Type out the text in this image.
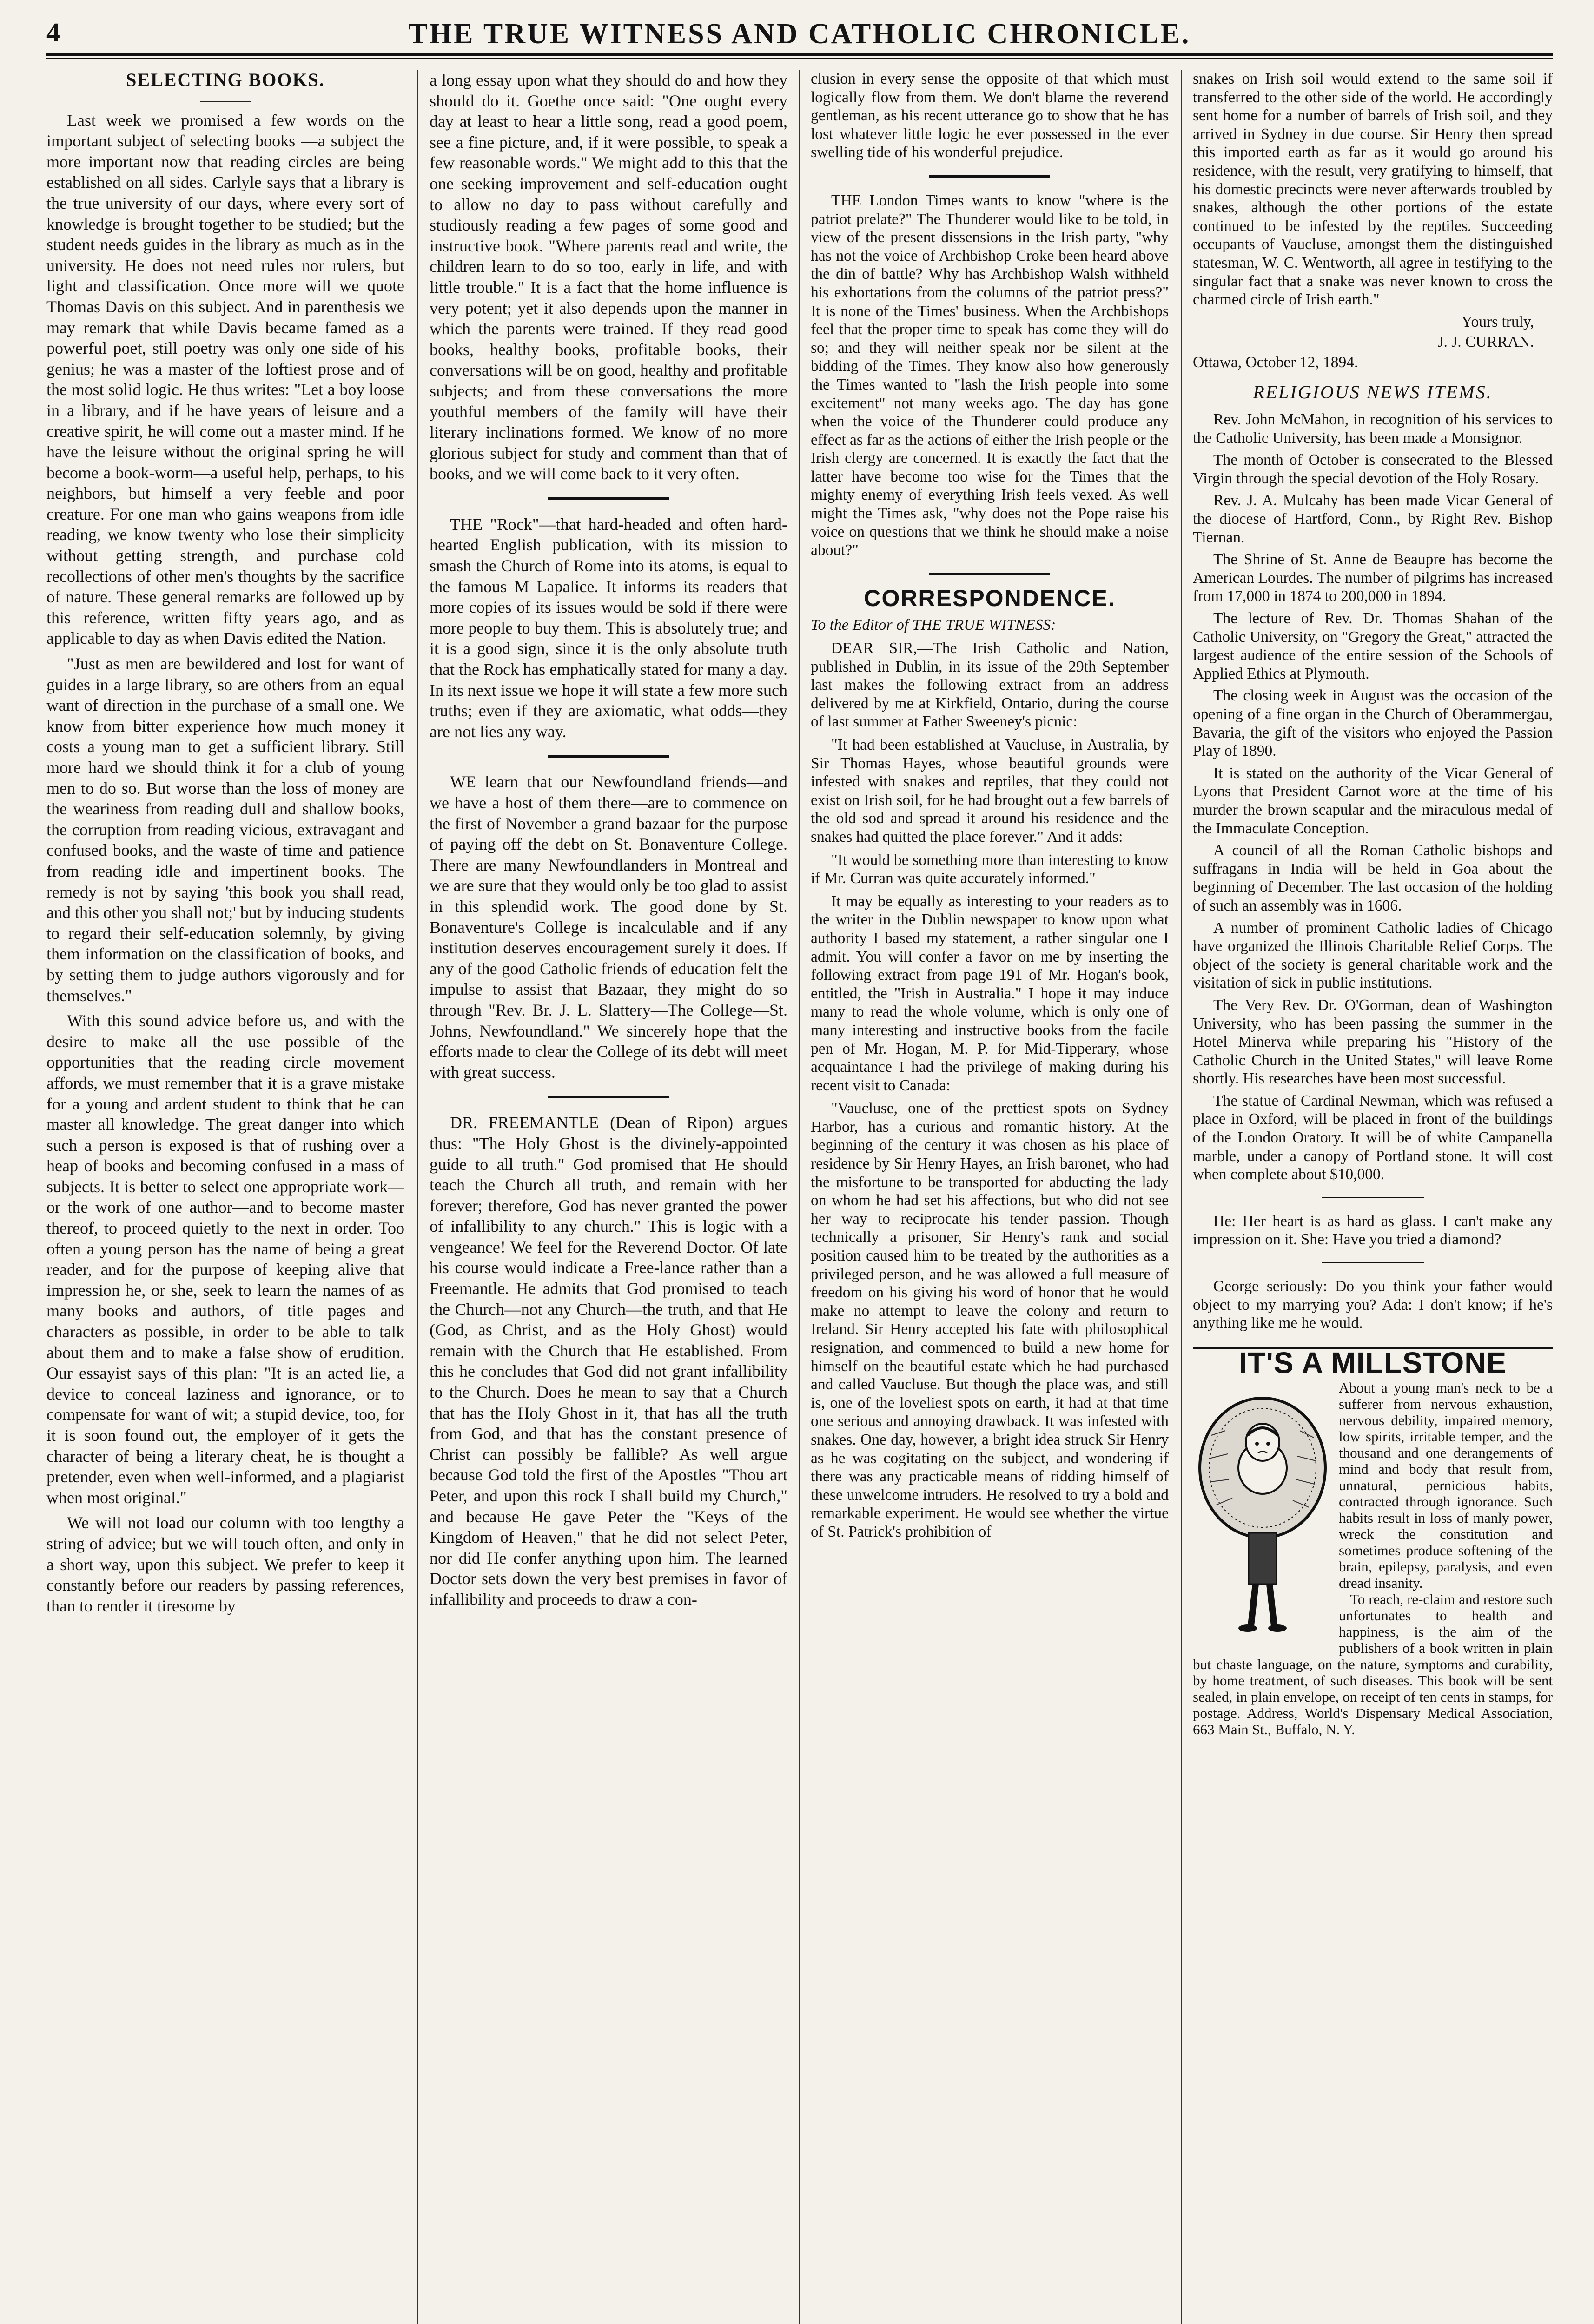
4	THE TRUE WITNESS AND CATHOLIC CHRONICLE.
SELECTING BOOKS.

Last week we promised a few words on the important subject of selecting books —a subject the more important now that reading circles are being established on all sides. Carlyle says that a library is the true university of our days, where every sort of knowledge is brought together to be studied; but the student needs guides in the library as much as in the university. He does not need rules nor rulers, but light and classification. Once more will we quote Thomas Davis on this subject. And in parenthesis we may remark that while Davis became famed as a powerful poet, still poetry was only one side of his genius; he was a master of the loftiest prose and of the most solid logic. He thus writes: "Let a boy loose in a library, and if he have years of leisure and a creative spirit, he will come out a master mind. If he have the leisure without the original spring he will become a book-worm—a useful help, perhaps, to his neighbors, but himself a very feeble and poor creature. For one man who gains weapons from idle reading, we know twenty who lose their simplicity without getting strength, and purchase cold recollections of other men's thoughts by the sacrifice of nature. These general remarks are followed up by this reference, written fifty years ago, and as applicable to day as when Davis edited the Nation.

"Just as men are bewildered and lost for want of guides in a large library, so are others from an equal want of direction in the purchase of a small one. We know from bitter experience how much money it costs a young man to get a sufficient library. Still more hard we should think it for a club of young men to do so. But worse than the loss of money are the weariness from reading dull and shallow books, the corruption from reading vicious, extravagant and confused books, and the waste of time and patience from reading idle and impertinent books. The remedy is not by saying 'this book you shall read, and this other you shall not;' but by inducing students to regard their self-education solemnly, by giving them information on the classification of books, and by setting them to judge authors vigorously and for themselves."

With this sound advice before us, and with the desire to make all the use possible of the opportunities that the reading circle movement affords, we must remember that it is a grave mistake for a young and ardent student to think that he can master all knowledge. The great danger into which such a person is exposed is that of rushing over a heap of books and becoming confused in a mass of subjects. It is better to select one appropriate work—or the work of one author—and to become master thereof, to proceed quietly to the next in order. Too often a young person has the name of being a great reader, and for the purpose of keeping alive that impression he, or she, seek to learn the names of as many books and authors, of title pages and characters as possible, in order to be able to talk about them and to make a false show of erudition. Our essayist says of this plan: "It is an acted lie, a device to conceal laziness and ignorance, or to compensate for want of wit; a stupid device, too, for it is soon found out, the employer of it gets the character of being a literary cheat, he is thought a pretender, even when well-informed, and a plagiarist when most original."

We will not load our column with too lengthy a string of advice; but we will touch often, and only in a short way, upon this subject. We prefer to keep it constantly before our readers by passing references, than to render it tiresome by

a long essay upon what they should do and how they should do it. Goethe once said: "One ought every day at least to hear a little song, read a good poem, see a fine picture, and, if it were possible, to speak a few reasonable words." We might add to this that the one seeking improvement and self-education ought to allow no day to pass without carefully and studiously reading a few pages of some good and instructive book. "Where parents read and write, the children learn to do so too, early in life, and with little trouble." It is a fact that the home influence is very potent; yet it also depends upon the manner in which the parents were trained. If they read good books, healthy books, profitable books, their conversations will be on good, healthy and profitable subjects; and from these conversations the more youthful members of the family will have their literary inclinations formed. We know of no more glorious subject for study and comment than that of books, and we will come back to it very often.

THE "Rock"—that hard-headed and often hard-hearted English publication, with its mission to smash the Church of Rome into its atoms, is equal to the famous M Lapalice. It informs its readers that more copies of its issues would be sold if there were more people to buy them. This is absolutely true; and it is a good sign, since it is the only absolute truth that the Rock has emphatically stated for many a day. In its next issue we hope it will state a few more such truths; even if they are axiomatic, what odds—they are not lies any way.

WE learn that our Newfoundland friends—and we have a host of them there—are to commence on the first of November a grand bazaar for the purpose of paying off the debt on St. Bonaventure College. There are many Newfoundlanders in Montreal and we are sure that they would only be too glad to assist in this splendid work. The good done by St. Bonaventure's College is incalculable and if any institution deserves encouragement surely it does. If any of the good Catholic friends of education felt the impulse to assist that Bazaar, they might do so through "Rev. Br. J. L. Slattery—The College—St. Johns, Newfoundland." We sincerely hope that the efforts made to clear the College of its debt will meet with great success.

DR. FREEMANTLE (Dean of Ripon) argues thus: "The Holy Ghost is the divinely-appointed guide to all truth." God promised that He should teach the Church all truth, and remain with her forever; therefore, God has never granted the power of infallibility to any church." This is logic with a vengeance! We feel for the Reverend Doctor. Of late his course would indicate a Free-lance rather than a Freemantle. He admits that God promised to teach the Church—not any Church—the truth, and that He (God, as Christ, and as the Holy Ghost) would remain with the Church that He established. From this he concludes that God did not grant infallibility to the Church. Does he mean to say that a Church that has the Holy Ghost in it, that has all the truth from God, and that has the constant presence of Christ can possibly be fallible? As well argue because God told the first of the Apostles "Thou art Peter, and upon this rock I shall build my Church," and because He gave Peter the "Keys of the Kingdom of Heaven," that he did not select Peter, nor did He confer anything upon him. The learned Doctor sets down the very best premises in favor of infallibility and proceeds to draw a con-

clusion in every sense the opposite of that which must logically flow from them. We don't blame the reverend gentleman, as his recent utterance go to show that he has lost whatever little logic he ever possessed in the ever swelling tide of his wonderful prejudice.

THE London Times wants to know "where is the patriot prelate?" The Thunderer would like to be told, in view of the present dissensions in the Irish party, "why has not the voice of Archbishop Croke been heard above the din of battle? Why has Archbishop Walsh withheld his exhortations from the columns of the patriot press?" It is none of the Times' business. When the Archbishops feel that the proper time to speak has come they will do so; and they will neither speak nor be silent at the bidding of the Times. They know also how generously the Times wanted to "lash the Irish people into some excitement" not many weeks ago. The day has gone when the voice of the Thunderer could produce any effect as far as the actions of either the Irish people or the Irish clergy are concerned. It is exactly the fact that the latter have become too wise for the Times that the mighty enemy of everything Irish feels vexed. As well might the Times ask, "why does not the Pope raise his voice on questions that we think he should make a noise about?"

CORRESPONDENCE.

To the Editor of THE TRUE WITNESS:

DEAR SIR,—The Irish Catholic and Nation, published in Dublin, in its issue of the 29th September last makes the following extract from an address delivered by me at Kirkfield, Ontario, during the course of last summer at Father Sweeney's picnic:

"It had been established at Vaucluse, in Australia, by Sir Thomas Hayes, whose beautiful grounds were infested with snakes and reptiles, that they could not exist on Irish soil, for he had brought out a few barrels of the old sod and spread it around his residence and the snakes had quitted the place forever." And it adds:

"It would be something more than interesting to know if Mr. Curran was quite accurately informed."

It may be equally as interesting to your readers as to the writer in the Dublin newspaper to know upon what authority I based my statement, a rather singular one I admit. You will confer a favor on me by inserting the following extract from page 191 of Mr. Hogan's book, entitled, the "Irish in Australia." I hope it may induce many to read the whole volume, which is only one of many interesting and instructive books from the facile pen of Mr. Hogan, M. P. for Mid-Tipperary, whose acquaintance I had the privilege of making during his recent visit to Canada:

"Vaucluse, one of the prettiest spots on Sydney Harbor, has a curious and romantic history. At the beginning of the century it was chosen as his place of residence by Sir Henry Hayes, an Irish baronet, who had the misfortune to be transported for abducting the lady on whom he had set his affections, but who did not see her way to reciprocate his tender passion. Though technically a prisoner, Sir Henry's rank and social position caused him to be treated by the authorities as a privileged person, and he was allowed a full measure of freedom on his giving his word of honor that he would make no attempt to leave the colony and return to Ireland. Sir Henry accepted his fate with philosophical resignation, and commenced to build a new home for himself on the beautiful estate which he had purchased and called Vaucluse. But though the place was, and still is, one of the loveliest spots on earth, it had at that time one serious and annoying drawback. It was infested with snakes. One day, however, a bright idea struck Sir Henry as he was cogitating on the subject, and wondering if there was any practicable means of ridding himself of these unwelcome intruders. He resolved to try a bold and remarkable experiment. He would see whether the virtue of St. Patrick's prohibition of

snakes on Irish soil would extend to the same soil if transferred to the other side of the world. He accordingly sent home for a number of barrels of Irish soil, and they arrived in Sydney in due course. Sir Henry then spread this imported earth as far as it would go around his residence, with the result, very gratifying to himself, that his domestic precincts were never afterwards troubled by snakes, although the other portions of the estate continued to be infested by the reptiles. Succeeding occupants of Vaucluse, amongst them the distinguished statesman, W. C. Wentworth, all agree in testifying to the singular fact that a snake was never known to cross the charmed circle of Irish earth."

Yours truly,

J. J. CURRAN.

Ottawa, October 12, 1894.

RELIGIOUS NEWS ITEMS.

Rev. John McMahon, in recognition of his services to the Catholic University, has been made a Monsignor.

The month of October is consecrated to the Blessed Virgin through the special devotion of the Holy Rosary.

Rev. J. A. Mulcahy has been made Vicar General of the diocese of Hartford, Conn., by Right Rev. Bishop Tiernan.

The Shrine of St. Anne de Beaupre has become the American Lourdes. The number of pilgrims has increased from 17,000 in 1874 to 200,000 in 1894.

The lecture of Rev. Dr. Thomas Shahan of the Catholic University, on "Gregory the Great," attracted the largest audience of the entire session of the Schools of Applied Ethics at Plymouth.

The closing week in August was the occasion of the opening of a fine organ in the Church of Oberammergau, Bavaria, the gift of the visitors who enjoyed the Passion Play of 1890.

It is stated on the authority of the Vicar General of Lyons that President Carnot wore at the time of his murder the brown scapular and the miraculous medal of the Immaculate Conception.

A council of all the Roman Catholic bishops and suffragans in India will be held in Goa about the beginning of December. The last occasion of the holding of such an assembly was in 1606.

A number of prominent Catholic ladies of Chicago have organized the Illinois Charitable Relief Corps. The object of the society is general charitable work and the visitation of sick in public institutions.

The Very Rev. Dr. O'Gorman, dean of Washington University, who has been passing the summer in the Hotel Minerva while preparing his "History of the Catholic Church in the United States," will leave Rome shortly. His researches have been most successful.

The statue of Cardinal Newman, which was refused a place in Oxford, will be placed in front of the buildings of the London Oratory. It will be of white Campanella marble, under a canopy of Portland stone. It will cost when complete about $10,000.

He: Her heart is as hard as glass. I can't make any impression on it. She: Have you tried a diamond?

George seriously: Do you think your father would object to my marrying you? Ada: I don't know; if he's anything like me he would.

IT'S A MILLSTONE

About a young man's neck to be a sufferer from nervous exhaustion, nervous debility, impaired memory, low spirits, irritable temper, and the thousand and one derangements of mind and body that result from, unnatural, pernicious habits, contracted through ignorance. Such habits result in loss of manly power, wreck the constitution and sometimes produce softening of the brain, epilepsy, paralysis, and even dread insanity.

To reach, re-claim and restore such unfortunates to health and happiness, is the aim of the publishers of a book written in plain but chaste language, on the nature, symptoms and curability, by home treatment, of such diseases. This book will be sent sealed, in plain envelope, on receipt of ten cents in stamps, for postage. Address, World's Dispensary Medical Association, 663 Main St., Buffalo, N. Y.
